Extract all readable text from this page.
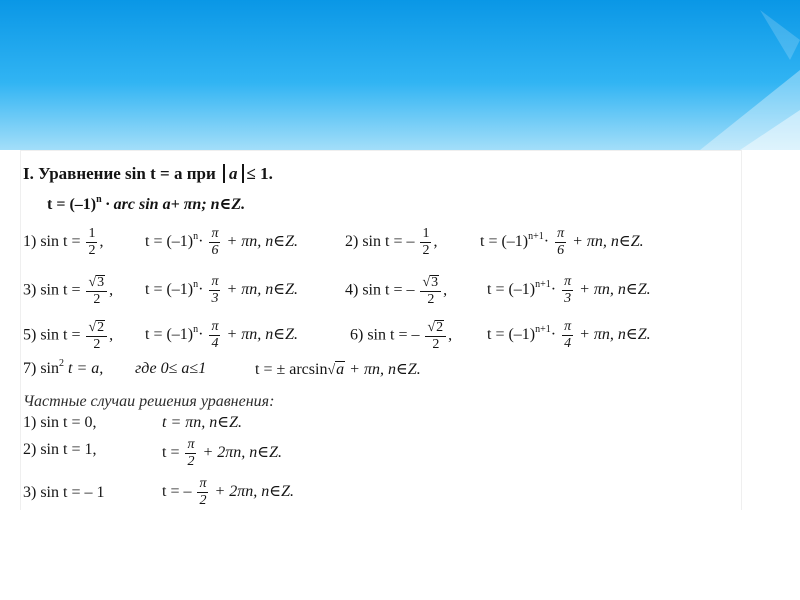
I. Уравнение sin t = a при a ≤ 1.
$t = (-1)^n$ · arc sin a+ πn; n∈Z.
1) $\sin t = \frac{1}{2}$ ,	$t = (-1)^n\cdot \frac{\pi}{6} + \pi n$, n∈Z.	2) sin t = – $\frac{1}{2}$ ,	$t = (-1)^{n+1}\cdot \frac{\pi}{6} + \pi n$, n∈Z.
3) $\sin t = \frac{√ 3}{2}$ , $t = (-1)^n\cdot \frac{\pi}{3} + \pi n$, n∈Z.	4) sin t = – $\frac{√ 3}{2}$ , $t = (-1)^{n+1}\cdot \frac{\pi}{3} + \pi n$, n∈Z.
5) $\sin t = \frac{√ 2}{2}$ , $t = (-1)^n\cdot \frac{\pi}{4} + \pi n$, n∈Z.	6) sin t = – $\frac{√ 2}{2}$ , $t = (-1)^{n+1}\cdot \frac{\pi}{4} + \pi n$, n∈Z.
7) $\sin^2 t = a$, где 0≤ a≤1	t = ± arcsin √ a + πn, n∈Z.
Частные случаи решения уравнения:
1) sin t = 0,	t = πn, n∈Z.
2) sin t = 1,	$t = \frac{\pi}{2} + 2\pi n$, n∈Z.
3) sin t = – 1	t = – $\frac{\pi}{2} + 2\pi n$, n∈Z.
